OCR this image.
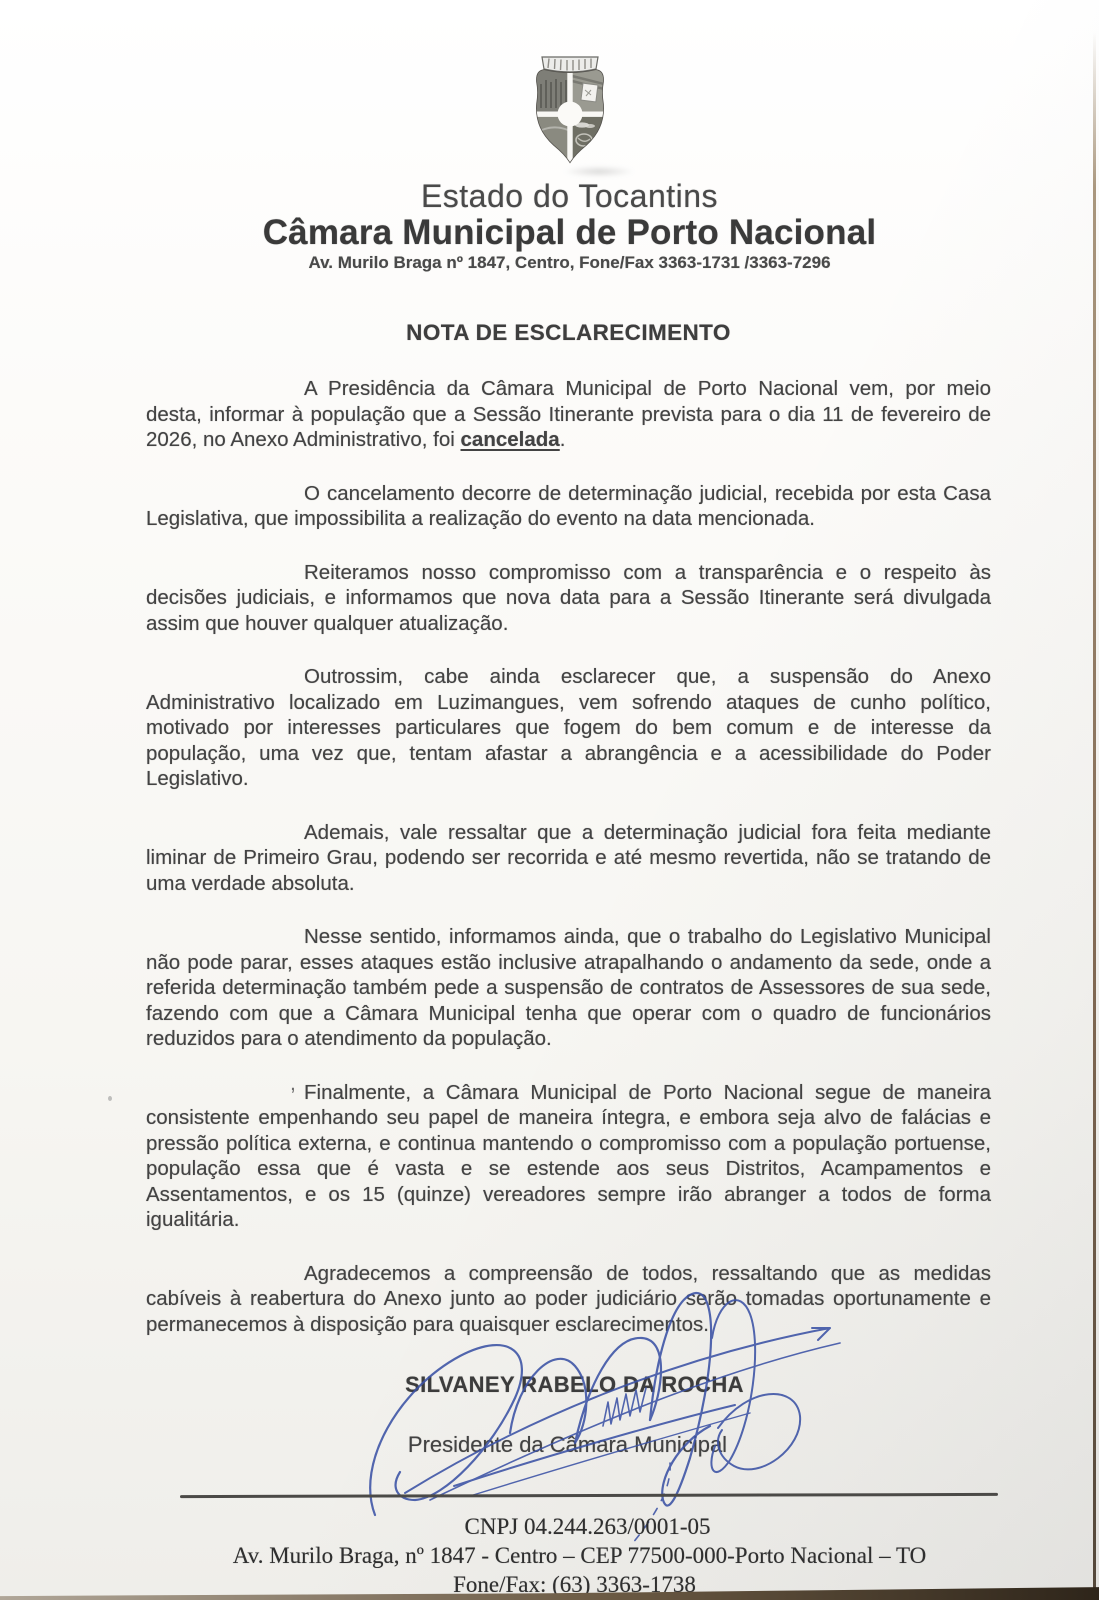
Estado do Tocantins
Câmara Municipal de Porto Nacional
Av. Murilo Braga nº 1847, Centro, Fone/Fax 3363-1731 /3363-7296
NOTA DE ESCLARECIMENTO

A Presidência da Câmara Municipal de Porto Nacional vem, por meio desta, informar à população que a Sessão Itinerante prevista para o dia 11 de fevereiro de 2026, no Anexo Administrativo, foi cancelada.

O cancelamento decorre de determinação judicial, recebida por esta Casa Legislativa, que impossibilita a realização do evento na data mencionada.

Reiteramos nosso compromisso com a transparência e o respeito às decisões judiciais, e informamos que nova data para a Sessão Itinerante será divulgada assim que houver qualquer atualização.

Outrossim, cabe ainda esclarecer que, a suspensão do Anexo Administrativo localizado em Luzimangues, vem sofrendo ataques de cunho político, motivado por interesses particulares que fogem do bem comum e de interesse da população, uma vez que, tentam afastar a abrangência e a acessibilidade do Poder Legislativo.

Ademais, vale ressaltar que a determinação judicial fora feita mediante liminar de Primeiro Grau, podendo ser recorrida e até mesmo revertida, não se tratando de uma verdade absoluta.

Nesse sentido, informamos ainda, que o trabalho do Legislativo Municipal não pode parar, esses ataques estão inclusive atrapalhando o andamento da sede, onde a referida determinação também pede a suspensão de contratos de Assessores de sua sede, fazendo com que a Câmara Municipal tenha que operar com o quadro de funcionários reduzidos para o atendimento da população.

Finalmente, a Câmara Municipal de Porto Nacional segue de maneira consistente empenhando seu papel de maneira íntegra, e embora seja alvo de falácias e pressão política externa, e continua mantendo o compromisso com a população portuense, população essa que é vasta e se estende aos seus Distritos, Acampamentos e Assentamentos, e os 15 (quinze) vereadores sempre irão abranger a todos de forma igualitária.

Agradecemos a compreensão de todos, ressaltando que as medidas cabíveis à reabertura do Anexo junto ao poder judiciário serão tomadas oportunamente e permanecemos à disposição para quaisquer esclarecimentos.

,
SILVANEY RABELO DA ROCHA
Presidente da Câmara Municipal
CNPJ 04.244.263/0001-05
Av. Murilo Braga, nº 1847 - Centro – CEP 77500-000-Porto Nacional – TO
Fone/Fax: (63) 3363-1738
